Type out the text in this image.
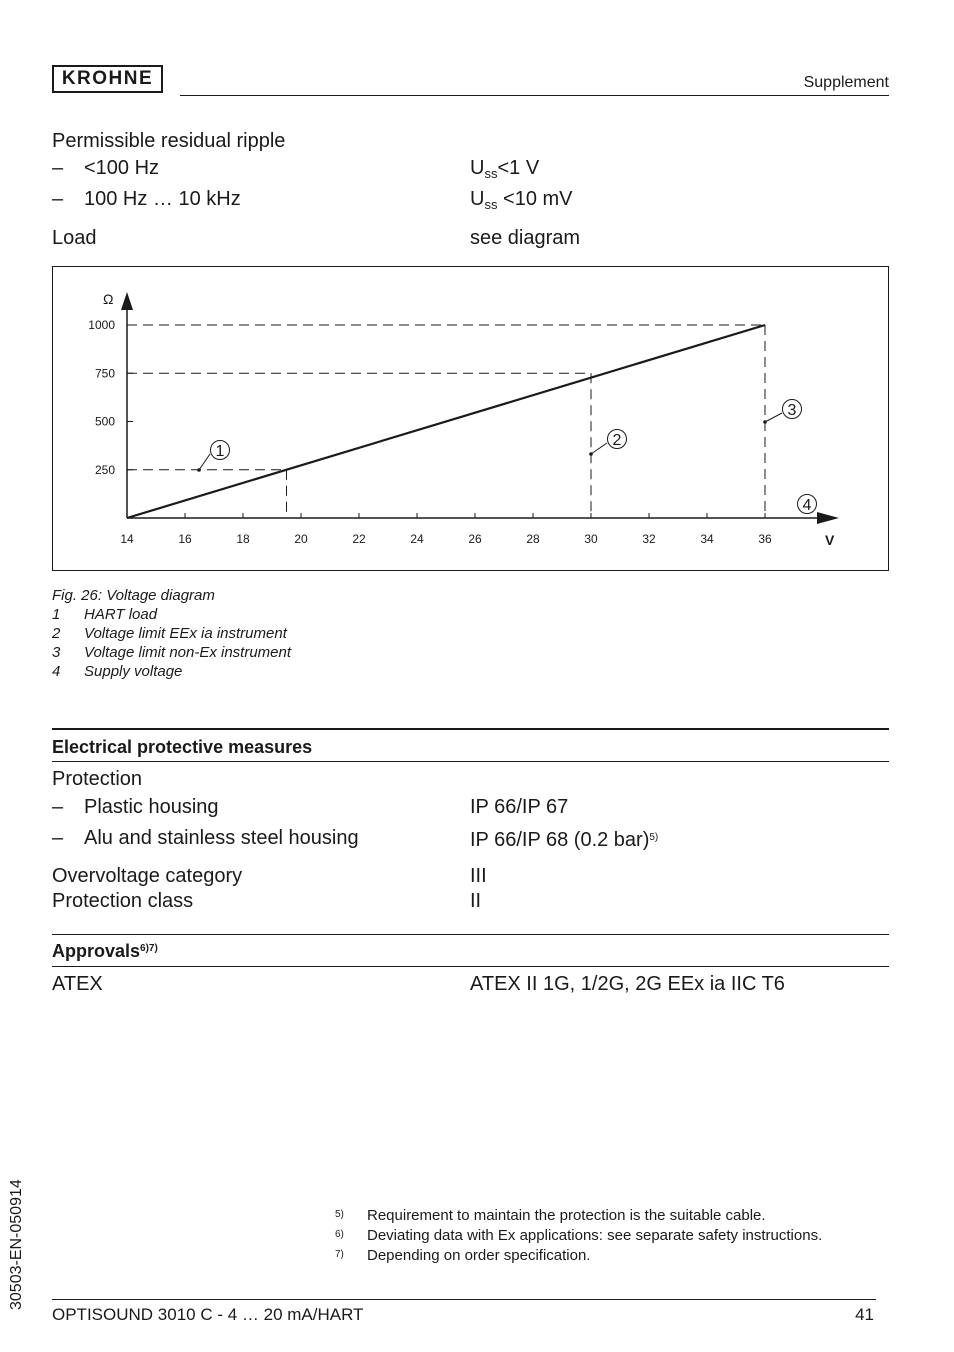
KROHNE	Supplement
Permissible residual ripple
– <100 Hz	$U_{ss}<1$ V
– 100 Hz … 10 kHz	$U_{ss} <10$ mV
Load	see diagram
14	16	18	20	22	24	26	28	30	32	34	36
250
500
750
1000
V
Ω
1
2
3
4
Fig. 26: Voltage diagram
1 HART load
2 Voltage limit EEx ia instrument
3 Voltage limit non-Ex instrument
4 Supply voltage
Electrical protective measures
Protection
– Plastic housing	IP 66/IP 67
– Alu and stainless steel housing	IP 66/IP 68 (0.2 bar)$^{5)}$
Overvoltage category	III
Protection class	II
Approvals$^{6)7)}$
ATEX	ATEX II 1G, 1/2G, 2G EEx ia IIC T6
5) Requirement to maintain the protection is the suitable cable.
6) Deviating data with Ex applications: see separate safety instructions.
7) Depending on order specification.
30503-EN-050914
OPTISOUND 3010 C - 4 … 20 mA/HART	41
